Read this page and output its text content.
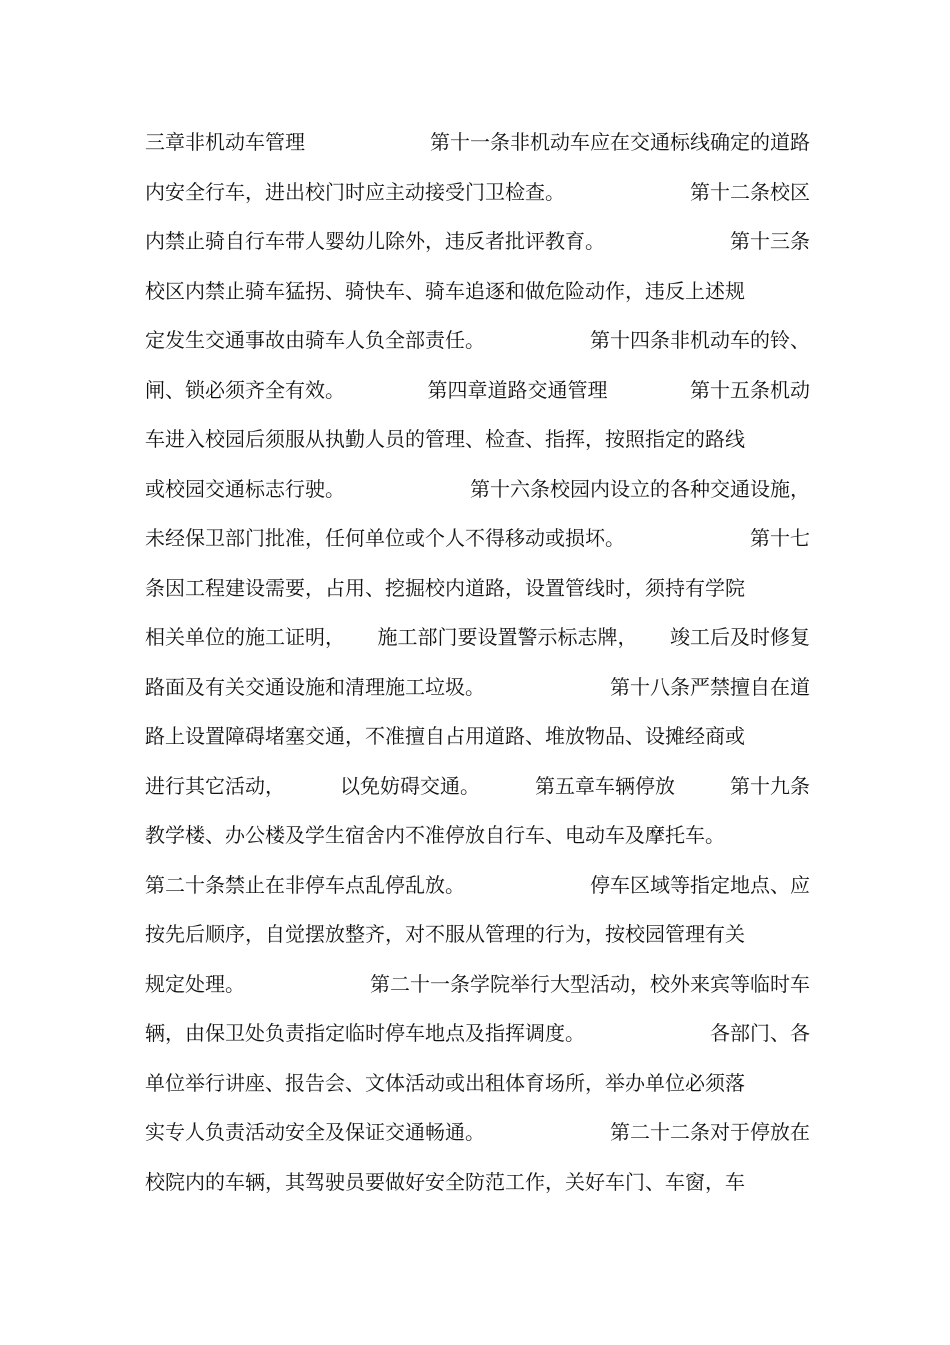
三章非机动车管理	第十一条非机动车应在交通标线确定的道路
内安全行车，进出校门时应主动接受门卫检查。	第十二条校区
内禁止骑自行车带人婴幼儿除外，违反者批评教育。	第十三条
校区内禁止骑车猛拐、骑快车、骑车追逐和做危险动作，违反上述规
定发生交通事故由骑车人负全部责任。	第十四条非机动车的铃、
闸、锁必须齐全有效。	第四章道路交通管理	第十五条机动
车进入校园后须服从执勤人员的管理、检查、指挥，按照指定的路线
或校园交通标志行驶。	第十六条校园内设立的各种交通设施，
未经保卫部门批准，任何单位或个人不得移动或损坏。	第十七
条因工程建设需要，占用、挖掘校内道路，设置管线时，须持有学院
相关单位的施工证明， 施工部门要设置警示标志牌， 竣工后及时修复
路面及有关交通设施和清理施工垃圾。	第十八条严禁擅自在道
路上设置障碍堵塞交通，不准擅自占用道路、堆放物品、设摊经商或
进行其它活动，	以免妨碍交通。	第五章车辆停放	第十九条
教学楼、办公楼及学生宿舍内不准停放自行车、电动车及摩托车。
第二十条禁止在非停车点乱停乱放。	停车区域等指定地点、应
按先后顺序，自觉摆放整齐，对不服从管理的行为，按校园管理有关
规定处理。	第二十一条学院举行大型活动，校外来宾等临时车
辆，由保卫处负责指定临时停车地点及指挥调度。	各部门、各
单位举行讲座、报告会、文体活动或出租体育场所，举办单位必须落
实专人负责活动安全及保证交通畅通。	第二十二条对于停放在
校院内的车辆，其驾驶员要做好安全防范工作，关好车门、车窗，车
